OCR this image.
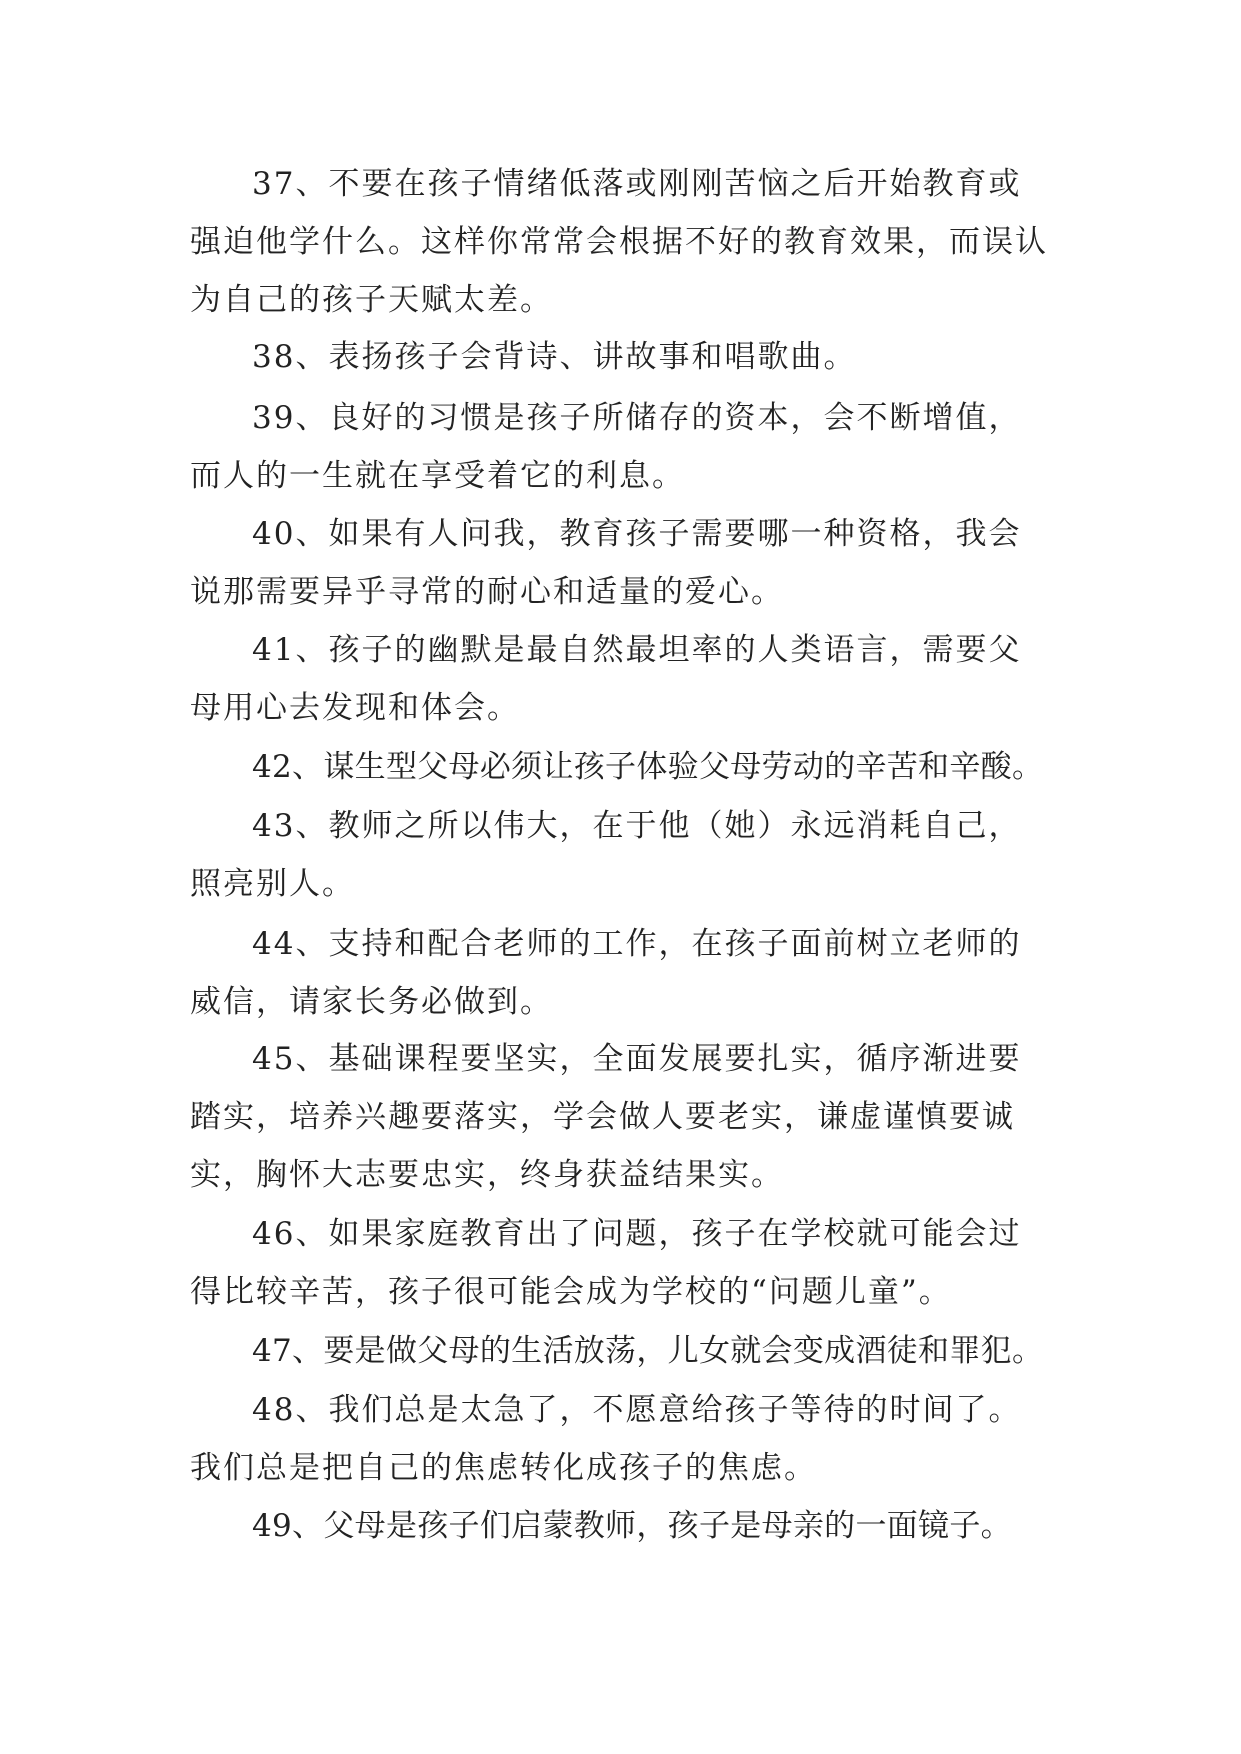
37、不要在孩子情绪低落或刚刚苦恼之后开始教育或强迫他学什么。这样你常常会根据不好的教育效果，而误认为自己的孩子天赋太差。

38、表扬孩子会背诗、讲故事和唱歌曲。

39、良好的习惯是孩子所储存的资本，会不断增值，而人的一生就在享受着它的利息。

40、如果有人问我，教育孩子需要哪一种资格，我会说那需要异乎寻常的耐心和适量的爱心。

41、孩子的幽默是最自然最坦率的人类语言，需要父母用心去发现和体会。

42、谋生型父母必须让孩子体验父母劳动的辛苦和辛酸。

43、教师之所以伟大，在于他（她）永远消耗自己，照亮别人。

44、支持和配合老师的工作，在孩子面前树立老师的威信，请家长务必做到。

45、基础课程要坚实，全面发展要扎实，循序渐进要踏实，培养兴趣要落实，学会做人要老实，谦虚谨慎要诚实，胸怀大志要忠实，终身获益结果实。

46、如果家庭教育出了问题，孩子在学校就可能会过得比较辛苦，孩子很可能会成为学校的“问题儿童”。

47、要是做父母的生活放荡，儿女就会变成酒徒和罪犯。

48、我们总是太急了，不愿意给孩子等待的时间了。我们总是把自己的焦虑转化成孩子的焦虑。

49、父母是孩子们启蒙教师，孩子是母亲的一面镜子。
